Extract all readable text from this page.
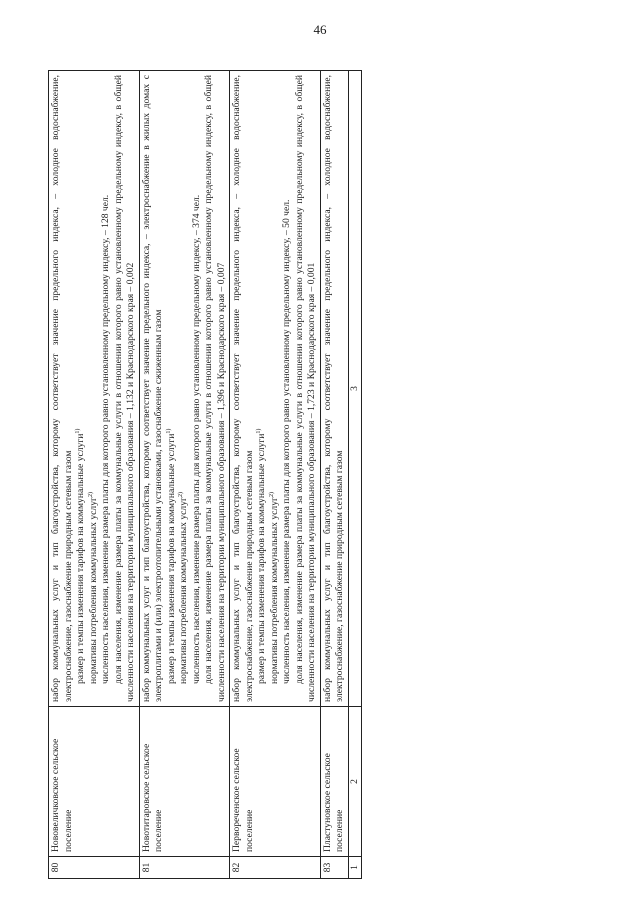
46
80	Нововеличковское сельское поселение	набор коммунальных услуг и тип благоустройства, которому соответствует значение предельного индекса, – холодное водоснабжение, электроснабжение, газоснабжение природным сетевым газом размер и темпы изменения тарифов на коммунальные услуги$^{1)}$

нормативы потребления коммунальных услуг$^{2)}$ численность населения, изменение размера платы для которого равно установленному предельному индексу, – 128 чел. доля населения, изменение размера платы за коммунальные услуги в отношении которого равно установленному предельному индексу, в общей численности населения на территории муниципального образования – 1,132 и Краснодарского края – 0,002

81	Новотитаровское сельское поселение	набор коммунальных услуг и тип благоустройства, которому соответствует значение предельного индекса, – электроснабжение в жилых домах с электроплитами и (или) электроотопительными установками, газоснабжение сжиженным газом размер и темпы изменения тарифов на коммунальные услуги$^{1)}$

нормативы потребления коммунальных услуг$^{2)}$ численность населения, изменение размера платы для которого равно установленному предельному индексу, – 374 чел. доля населения, изменение размера платы за коммунальные услуги в отношении которого равно установленному предельному индексу, в общей численности населения на территории муниципального образования – 1,396 и Краснодарского края – 0,007

82	Первореченское сельское поселение	набор коммунальных услуг и тип благоустройства, которому соответствует значение предельного индекса, – холодное водоснабжение, электроснабжение, газоснабжение природным сетевым газом размер и темпы изменения тарифов на коммунальные услуги$^{1)}$

нормативы потребления коммунальных услуг$^{2)}$ численность населения, изменение размера платы для которого равно установленному предельному индексу, – 50 чел. доля населения, изменение размера платы за коммунальные услуги в отношении которого равно установленному предельному индексу, в общей численности населения на территории муниципального образования – 1,723 и Краснодарского края – 0,001

83	Пластуновское сельское поселение	набор коммунальных услуг и тип благоустройства, которому соответствует значение предельного индекса, – холодное водоснабжение, электроснабжение, газоснабжение природным сетевым газом

1	2	3
